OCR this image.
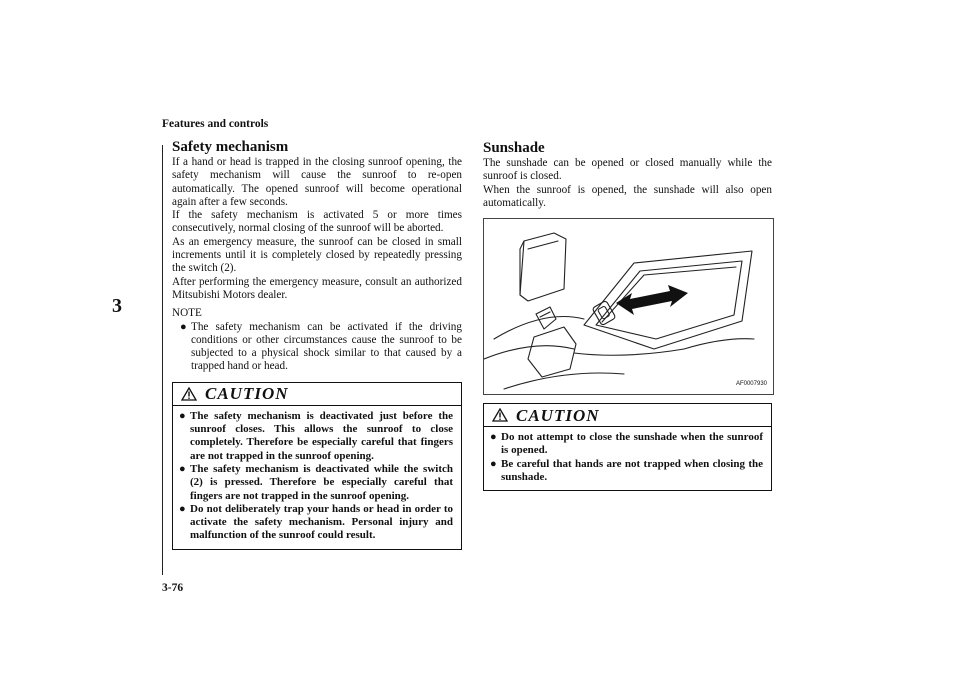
Features and controls
3
3-76
Safety mechanism

If a hand or head is trapped in the closing sunroof opening, the safety mechanism will cause the sunroof to re-open automatically. The opened sunroof will become operational again after a few seconds.

If the safety mechanism is activated 5 or more times consecutively, normal closing of the sunroof will be aborted.

As an emergency measure, the sunroof can be closed in small increments until it is completely closed by repeatedly pressing the switch (2).

After performing the emergency measure, consult an authorized Mitsubishi Motors dealer.

NOTE

● The safety mechanism can be activated if the driving conditions or other circumstances cause the sunroof to be subjected to a physical shock similar to that caused by a trapped hand or head.
CAUTION
● The safety mechanism is deactivated just before the sunroof closes. This allows the sunroof to close completely. Therefore be especially careful that fingers are not trapped in the sunroof opening.
● The safety mechanism is deactivated while the switch (2) is pressed. Therefore be especially careful that fingers are not trapped in the sunroof opening.
● Do not deliberately trap your hands or head in order to activate the safety mechanism. Personal injury and malfunction of the sunroof could result.
Sunshade

The sunshade can be opened or closed manually while the sunroof is closed.

When the sunroof is opened, the sunshade will also open automatically.

AF0007930
CAUTION
● Do not attempt to close the sunshade when the sunroof is opened.
● Be careful that hands are not trapped when closing the sunshade.
